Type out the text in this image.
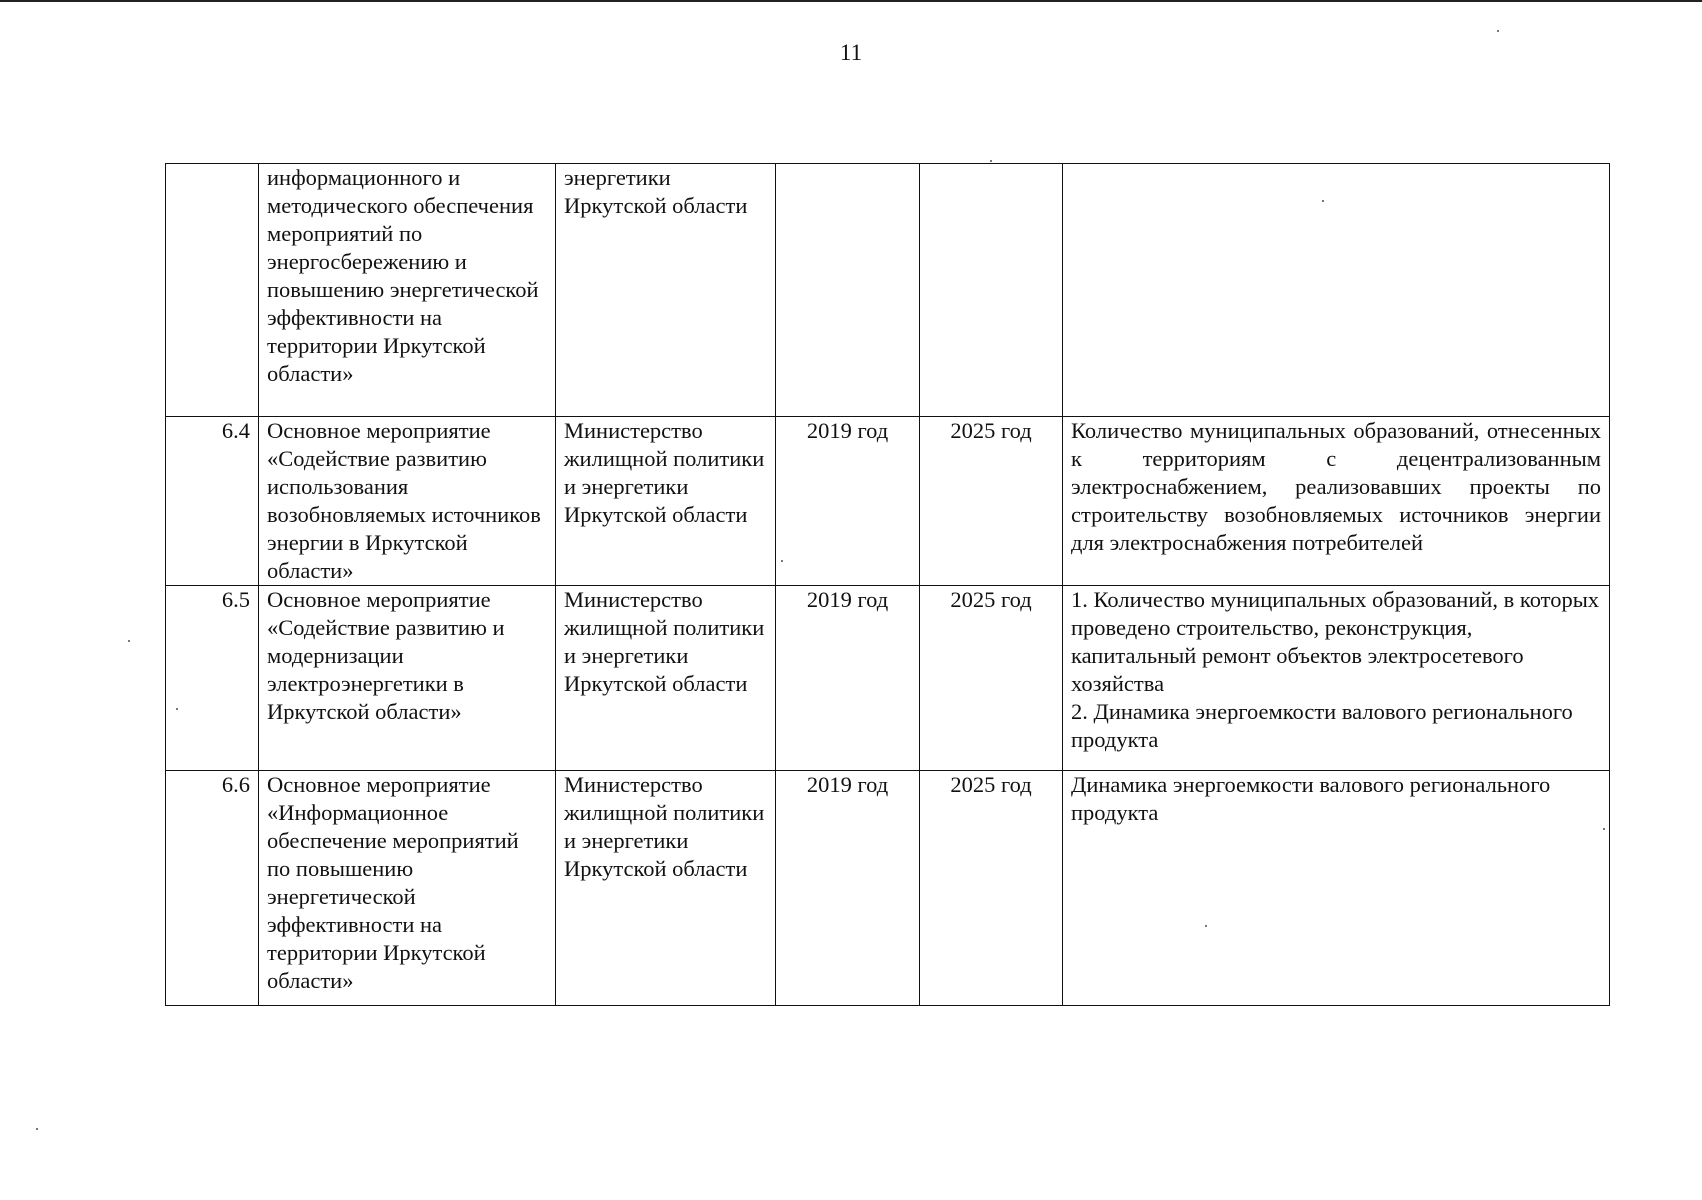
11
	информационного и методического обеспечения мероприятий по энергосбережению и повышению энергетической эффективности на территории Иркутской области»	энергетики Иркутской области			
6.4	Основное мероприятие «Содействие развитию использования возобновляемых источников энергии в Иркутской области»	Министерство жилищной политики и энергетики Иркутской области	2019 год	2025 год	Количество муниципальных образований, отнесенных к территориям с децентрализованным электроснабжением, реализовавших проекты по строительству возобновляемых источников энергии для электроснабжения потребителей
6.5	Основное мероприятие «Содействие развитию и модернизации электроэнергетики в Иркутской области»	Министерство жилищной политики и энергетики Иркутской области	2019 год	2025 год	1. Количество муниципальных образований, в которых проведено строительство, реконструкция, капитальный ремонт объектов электросетевого хозяйства
2. Динамика энергоемкости валового регионального продукта

6.6	Основное мероприятие «Информационное обеспечение мероприятий по повышению энергетической эффективности на территории Иркутской области»	Министерство жилищной политики и энергетики Иркутской области	2019 год	2025 год	Динамика энергоемкости валового регионального продукта
